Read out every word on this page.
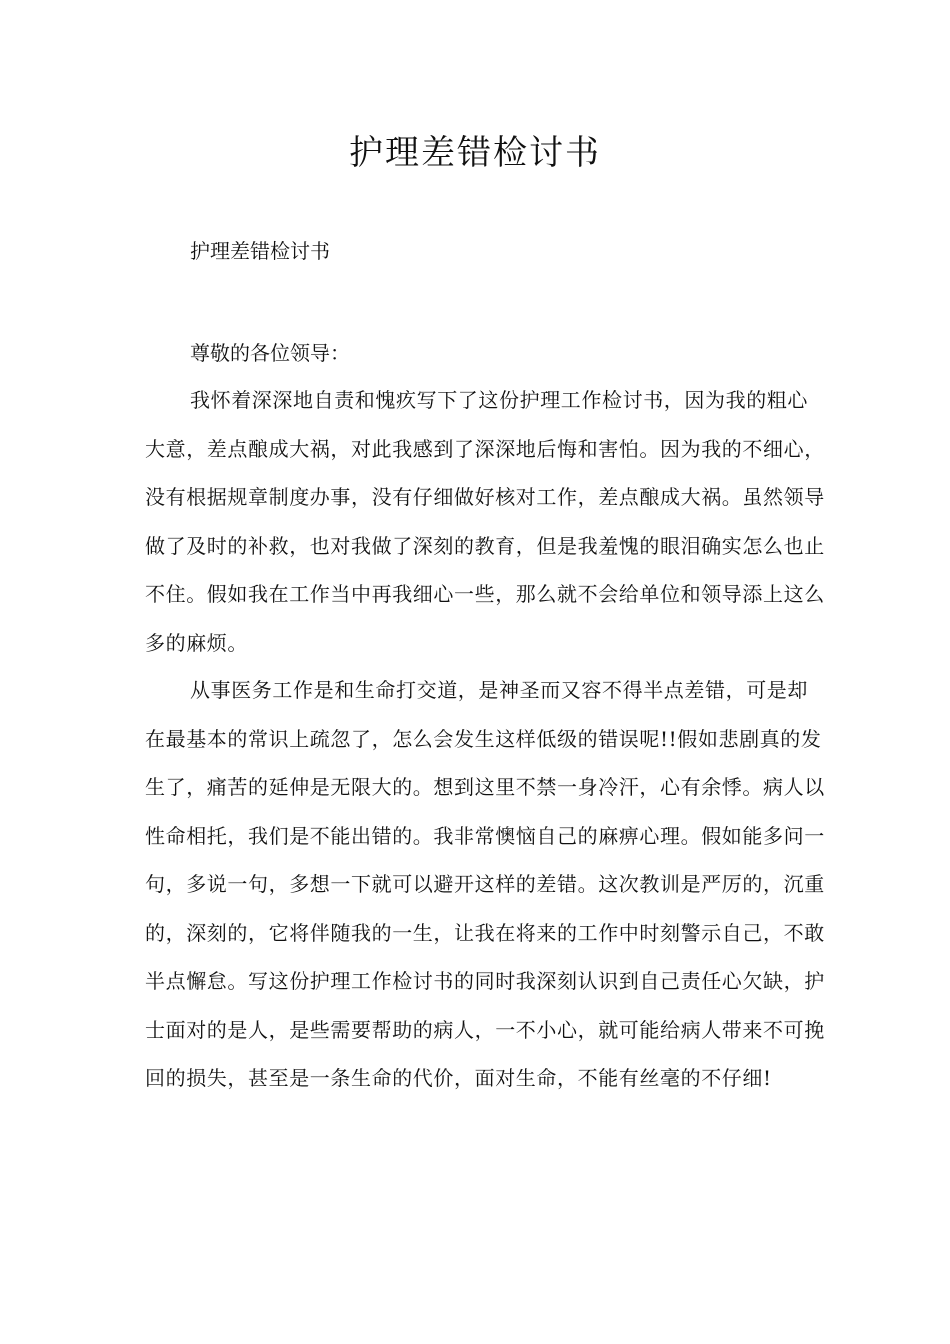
护理差错检讨书

护理差错检讨书

尊敬的各位领导：

我怀着深深地自责和愧疚写下了这份护理工作检讨书，因为我的粗心大意，差点酿成大祸，对此我感到了深深地后悔和害怕。因为我的不细心，没有根据规章制度办事，没有仔细做好核对工作，差点酿成大祸。虽然领导做了及时的补救，也对我做了深刻的教育，但是我羞愧的眼泪确实怎么也止不住。假如我在工作当中再我细心一些，那么就不会给单位和领导添上这么多的麻烦。

从事医务工作是和生命打交道，是神圣而又容不得半点差错，可是却在最基本的常识上疏忽了，怎么会发生这样低级的错误呢!!假如悲剧真的发生了，痛苦的延伸是无限大的。想到这里不禁一身冷汗，心有余悸。病人以性命相托，我们是不能出错的。我非常懊恼自己的麻痹心理。假如能多问一句，多说一句，多想一下就可以避开这样的差错。这次教训是严厉的，沉重的，深刻的，它将伴随我的一生，让我在将来的工作中时刻警示自己，不敢半点懈怠。写这份护理工作检讨书的同时我深刻认识到自己责任心欠缺，护士面对的是人，是些需要帮助的病人，一不小心，就可能给病人带来不可挽回的损失，甚至是一条生命的代价，面对生命，不能有丝毫的不仔细!
